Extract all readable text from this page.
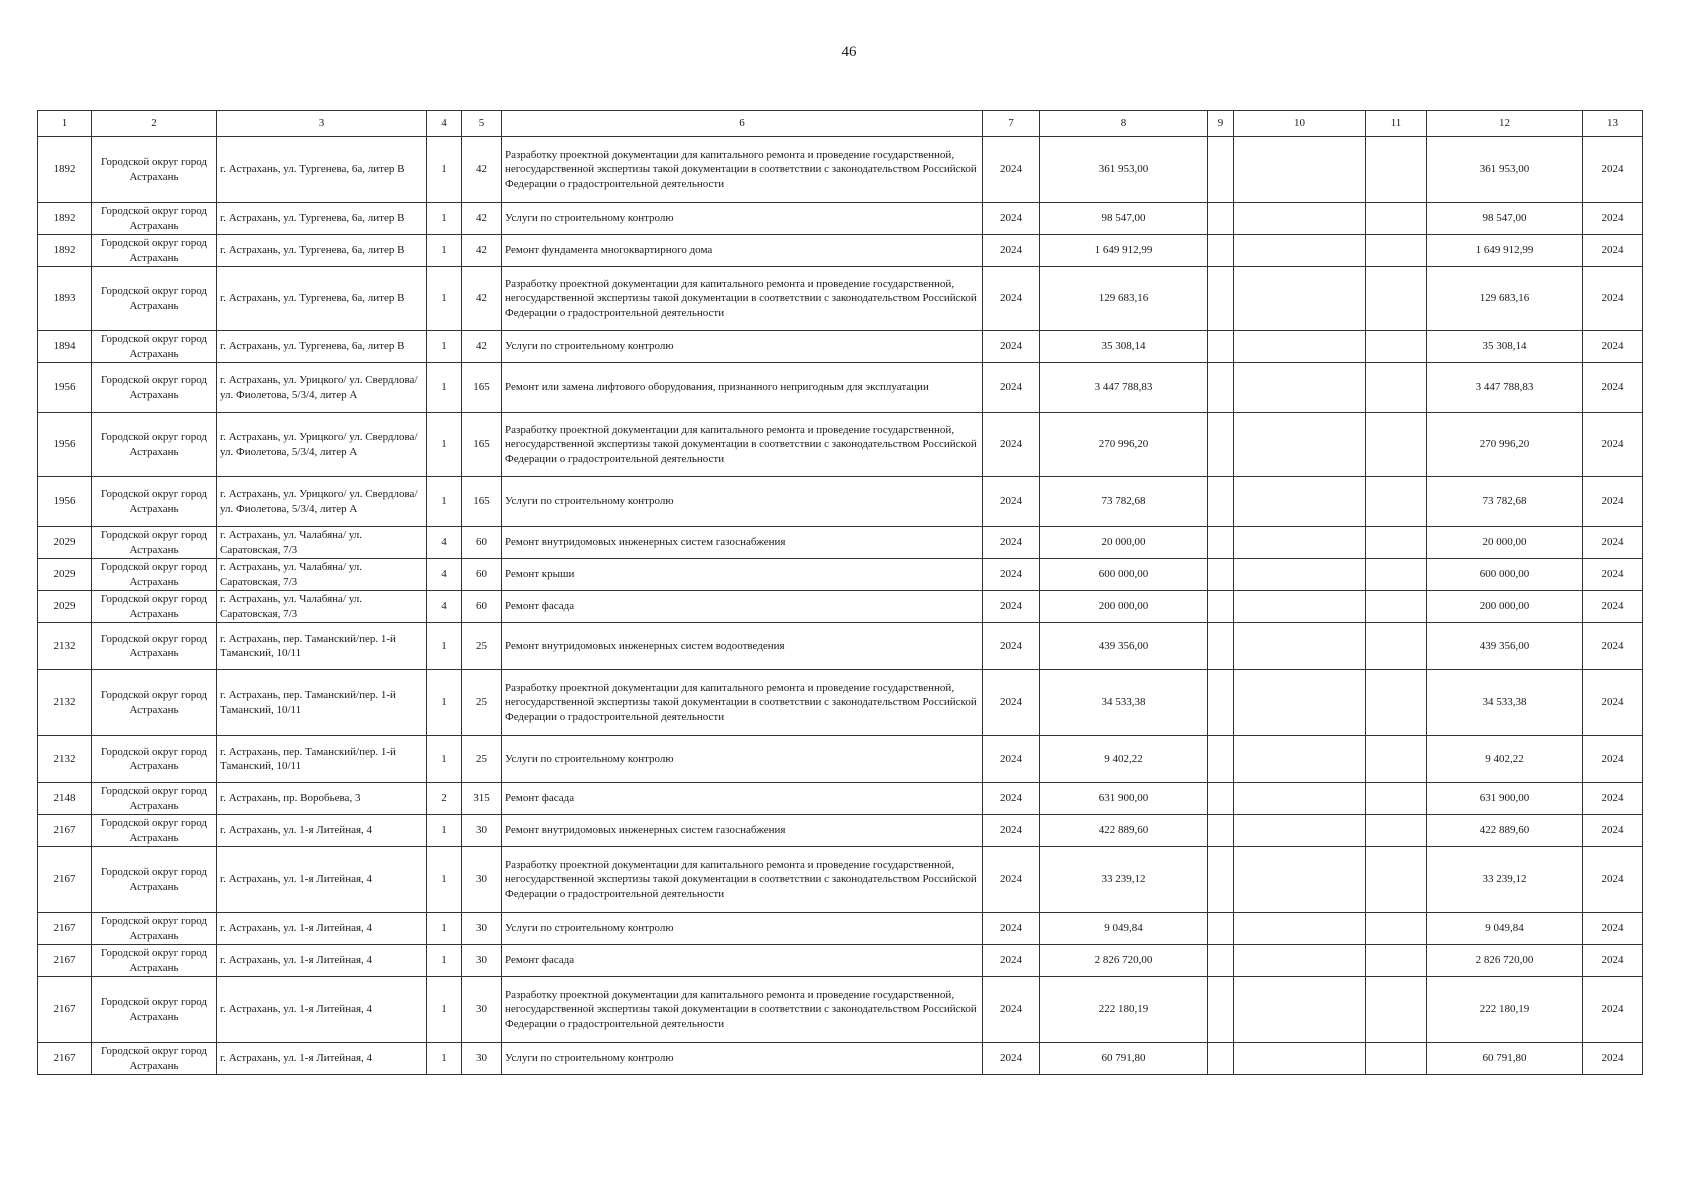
46
1	2	3	4	5	6	7	8	9	10	11	12	13
1892	Городской округ город Астрахань	г. Астрахань, ул. Тургенева, 6а, литер В	1	42	Разработку проектной документации для капитального ремонта и проведение государственной, негосударственной экспертизы такой документации в соответствии с законодательством Российской Федерации о градостроительной деятельности	2024	361 953,00				361 953,00	2024
1892	Городской округ город Астрахань	г. Астрахань, ул. Тургенева, 6а, литер В	1	42	Услуги по строительному контролю	2024	98 547,00				98 547,00	2024
1892	Городской округ город Астрахань	г. Астрахань, ул. Тургенева, 6а, литер В	1	42	Ремонт фундамента многоквартирного дома	2024	1 649 912,99				1 649 912,99	2024
1893	Городской округ город Астрахань	г. Астрахань, ул. Тургенева, 6а, литер В	1	42	Разработку проектной документации для капитального ремонта и проведение государственной, негосударственной экспертизы такой документации в соответствии с законодательством Российской Федерации о градостроительной деятельности	2024	129 683,16				129 683,16	2024
1894	Городской округ город Астрахань	г. Астрахань, ул. Тургенева, 6а, литер В	1	42	Услуги по строительному контролю	2024	35 308,14				35 308,14	2024
1956	Городской округ город Астрахань	г. Астрахань, ул. Урицкого/ ул. Свердлова/ ул. Фиолетова, 5/3/4, литер А	1	165	Ремонт или замена лифтового оборудования, признанного непригодным для эксплуатации	2024	3 447 788,83				3 447 788,83	2024
1956	Городской округ город Астрахань	г. Астрахань, ул. Урицкого/ ул. Свердлова/ ул. Фиолетова, 5/3/4, литер А	1	165	Разработку проектной документации для капитального ремонта и проведение государственной, негосударственной экспертизы такой документации в соответствии с законодательством Российской Федерации о градостроительной деятельности	2024	270 996,20				270 996,20	2024
1956	Городской округ город Астрахань	г. Астрахань, ул. Урицкого/ ул. Свердлова/ ул. Фиолетова, 5/3/4, литер А	1	165	Услуги по строительному контролю	2024	73 782,68				73 782,68	2024
2029	Городской округ город Астрахань	г. Астрахань, ул. Чалабяна/ ул. Саратовская, 7/3	4	60	Ремонт внутридомовых инженерных систем газоснабжения	2024	20 000,00				20 000,00	2024
2029	Городской округ город Астрахань	г. Астрахань, ул. Чалабяна/ ул. Саратовская, 7/3	4	60	Ремонт крыши	2024	600 000,00				600 000,00	2024
2029	Городской округ город Астрахань	г. Астрахань, ул. Чалабяна/ ул. Саратовская, 7/3	4	60	Ремонт фасада	2024	200 000,00				200 000,00	2024
2132	Городской округ город Астрахань	г. Астрахань, пер. Таманский/пер. 1-й Таманский, 10/11	1	25	Ремонт внутридомовых инженерных систем водоотведения	2024	439 356,00				439 356,00	2024
2132	Городской округ город Астрахань	г. Астрахань, пер. Таманский/пер. 1-й Таманский, 10/11	1	25	Разработку проектной документации для капитального ремонта и проведение государственной, негосударственной экспертизы такой документации в соответствии с законодательством Российской Федерации о градостроительной деятельности	2024	34 533,38				34 533,38	2024
2132	Городской округ город Астрахань	г. Астрахань, пер. Таманский/пер. 1-й Таманский, 10/11	1	25	Услуги по строительному контролю	2024	9 402,22				9 402,22	2024
2148	Городской округ город Астрахань	г. Астрахань, пр. Воробьева, 3	2	315	Ремонт фасада	2024	631 900,00				631 900,00	2024
2167	Городской округ город Астрахань	г. Астрахань, ул. 1-я Литейная, 4	1	30	Ремонт внутридомовых инженерных систем газоснабжения	2024	422 889,60				422 889,60	2024
2167	Городской округ город Астрахань	г. Астрахань, ул. 1-я Литейная, 4	1	30	Разработку проектной документации для капитального ремонта и проведение государственной, негосударственной экспертизы такой документации в соответствии с законодательством Российской Федерации о градостроительной деятельности	2024	33 239,12				33 239,12	2024
2167	Городской округ город Астрахань	г. Астрахань, ул. 1-я Литейная, 4	1	30	Услуги по строительному контролю	2024	9 049,84				9 049,84	2024
2167	Городской округ город Астрахань	г. Астрахань, ул. 1-я Литейная, 4	1	30	Ремонт фасада	2024	2 826 720,00				2 826 720,00	2024
2167	Городской округ город Астрахань	г. Астрахань, ул. 1-я Литейная, 4	1	30	Разработку проектной документации для капитального ремонта и проведение государственной, негосударственной экспертизы такой документации в соответствии с законодательством Российской Федерации о градостроительной деятельности	2024	222 180,19				222 180,19	2024
2167	Городской округ город Астрахань	г. Астрахань, ул. 1-я Литейная, 4	1	30	Услуги по строительному контролю	2024	60 791,80				60 791,80	2024
